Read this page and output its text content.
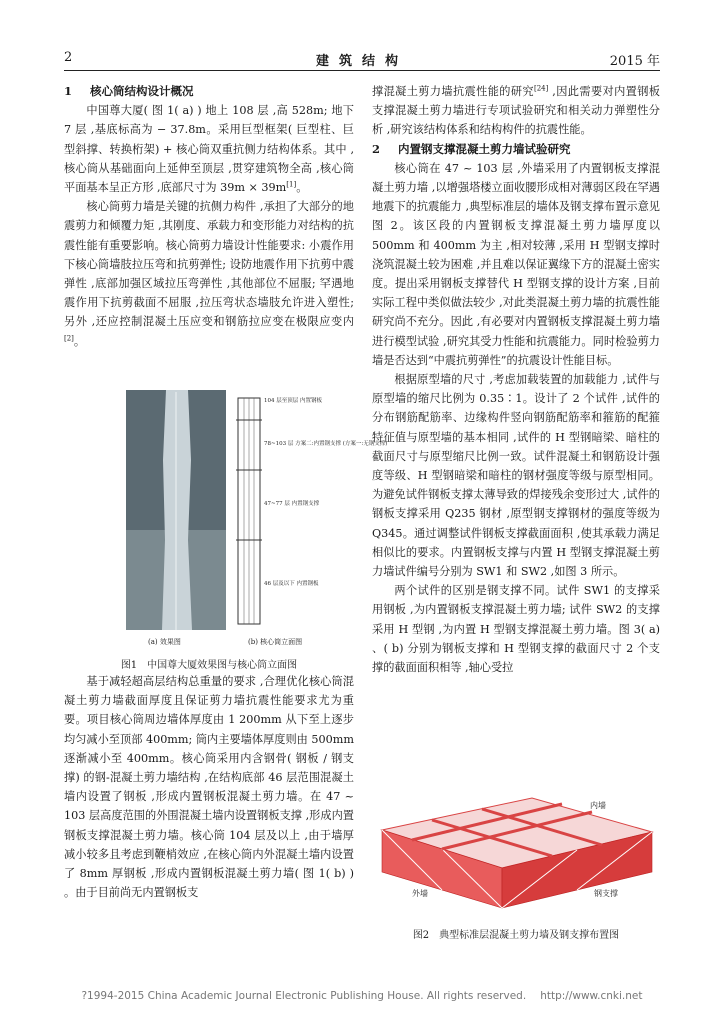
2	建筑结构	2015 年
1 核心筒结构设计概况

中国尊大厦( 图 1( a) ) 地上 108 层 ,高 528m; 地下 7 层 ,基底标高为 − 37.8m。采用巨型框架( 巨型柱、巨型斜撑、转换桁架) + 核心筒双重抗侧力结构体系。其中 ,核心筒从基础面向上延伸至顶层 ,贯穿建筑物全高 ,核心筒平面基本呈正方形 ,底部尺寸为 39m × 39m[1]。

核心筒剪力墙是关键的抗侧力构件 ,承担了大部分的地震剪力和倾覆力矩 ,其刚度、承载力和变形能力对结构的抗震性能有重要影响。核心筒剪力墙设计性能要求: 小震作用下核心筒墙肢拉压弯和抗剪弹性; 设防地震作用下抗剪中震弹性 ,底部加强区域拉压弯弹性 ,其他部位不屈服; 罕遇地震作用下抗剪截面不屈服 ,拉压弯状态墙肢允许进入塑性; 另外 ,还应控制混凝土压应变和钢筋拉应变在极限应变内[2]。

104 层至顶层 内置钢板
78~103 层 方案二:内置钢支撑 (方案一:无钢支撑)
47~77 层 内置钢支撑
46 层及以下 内置钢板
(a) 效果图	(b) 核心筒立面图
图1　中国尊大厦效果图与核心筒立面图

基于减轻超高层结构总重量的要求 ,合理优化核心筒混凝土剪力墙截面厚度且保证剪力墙抗震性能要求尤为重要。项目核心筒周边墙体厚度由 1 200mm 从下至上逐步均匀减小至顶部 400mm; 筒内主要墙体厚度则由 500mm 逐渐减小至 400mm。核心筒采用内含钢骨( 钢板 / 钢支撑) 的钢-混凝土剪力墙结构 ,在结构底部 46 层范围混凝土墙内设置了钢板 ,形成内置钢板混凝土剪力墙。在 47 ~ 103 层高度范围的外围混凝土墙内设置钢板支撑 ,形成内置钢板支撑混凝土剪力墙。核心筒 104 层及以上 ,由于墙厚减小较多且考虑到鞭梢效应 ,在核心筒内外混凝土墙内设置了 8mm 厚钢板 ,形成内置钢板混凝土剪力墙( 图 1( b) ) 。由于目前尚无内置钢板支

撑混凝土剪力墙抗震性能的研究[24] ,因此需要对内置钢板支撑混凝土剪力墙进行专项试验研究和相关动力弹塑性分析 ,研究该结构体系和结构构件的抗震性能。

2 内置钢支撑混凝土剪力墙试验研究

核心筒在 47 ~ 103 层 ,外墙采用了内置钢板支撑混凝土剪力墙 ,以增强塔楼立面收腰形成相对薄弱区段在罕遇地震下的抗震能力 ,典型标准层的墙体及钢支撑布置示意见图 2。该区段的内置钢板支撑混凝土剪力墙厚度以 500mm 和 400mm 为主 ,相对较薄 ,采用 H 型钢支撑时浇筑混凝土较为困难 ,并且难以保证翼缘下方的混凝土密实度。提出采用钢板支撑替代 H 型钢支撑的设计方案 ,目前实际工程中类似做法较少 ,对此类混凝土剪力墙的抗震性能研究尚不充分。因此 ,有必要对内置钢板支撑混凝土剪力墙进行模型试验 ,研究其受力性能和抗震能力。同时检验剪力墙是否达到“中震抗剪弹性”的抗震设计性能目标。

根据原型墙的尺寸 ,考虑加载装置的加载能力 ,试件与原型墙的缩尺比例为 0.35∶1。设计了 2 个试件 ,试件的分布钢筋配筋率、边缘构件竖向钢筋配筋率和箍筋的配箍特征值与原型墙的基本相同 ,试件的 H 型钢暗梁、暗柱的截面尺寸与原型缩尺比例一致。试件混凝土和钢筋设计强度等级、H 型钢暗梁和暗柱的钢材强度等级与原型相同。为避免试件钢板支撑太薄导致的焊接残余变形过大 ,试件的钢板支撑采用 Q235 钢材 ,原型钢支撑钢材的强度等级为 Q345。通过调整试件钢板支撑截面面积 ,使其承载力满足相似比的要求。内置钢板支撑与内置 H 型钢支撑混凝土剪力墙试件编号分别为 SW1 和 SW2 ,如图 3 所示。

两个试件的区别是钢支撑不同。试件 SW1 的支撑采用钢板 ,为内置钢板支撑混凝土剪力墙; 试件 SW2 的支撑采用 H 型钢 ,为内置 H 型钢支撑混凝土剪力墙。图 3( a) 、( b) 分别为钢板支撑和 H 型钢支撑的截面尺寸 2 个支撑的截面面积相等 ,轴心受拉

内墙
外墙	钢支撑
图2　典型标准层混凝土剪力墙及钢支撑布置图
?1994-2015 China Academic Journal Electronic Publishing House. All rights reserved. http://www.cnki.net
